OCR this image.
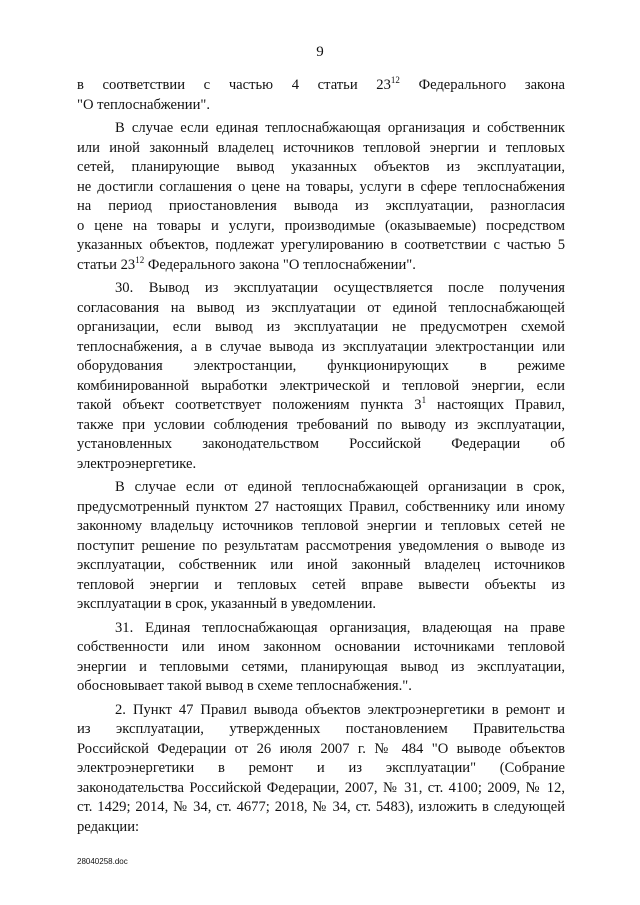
9

в соответствии с частью 4 статьи $23^{12}$ Федерального закона
"О теплоснабжении".

В случае если единая теплоснабжающая организация и собственник
или иной законный владелец источников тепловой энергии и тепловых
сетей, планирующие вывод указанных объектов из эксплуатации,
не достигли соглашения о цене на товары, услуги в сфере теплоснабжения
на период приостановления вывода из эксплуатации, разногласия
о цене на товары и услуги, производимые (оказываемые) посредством
указанных объектов, подлежат урегулированию в соответствии с частью 5
статьи $23^{12}$ Федерального закона "О теплоснабжении".

30. Вывод из эксплуатации осуществляется после получения
согласования на вывод из эксплуатации от единой теплоснабжающей
организации, если вывод из эксплуатации не предусмотрен схемой
теплоснабжения, а в случае вывода из эксплуатации электростанции или
оборудования электростанции, функционирующих в режиме
комбинированной выработки электрической и тепловой энергии, если
такой объект соответствует положениям пункта $3^1$ настоящих Правил,
также при условии соблюдения требований по выводу из эксплуатации,
установленных законодательством Российской Федерации об
электроэнергетике.

В случае если от единой теплоснабжающей организации в срок,
предусмотренный пунктом 27 настоящих Правил, собственнику или иному
законному владельцу источников тепловой энергии и тепловых сетей не
поступит решение по результатам рассмотрения уведомления о выводе из
эксплуатации, собственник или иной законный владелец источников
тепловой энергии и тепловых сетей вправе вывести объекты из
эксплуатации в срок, указанный в уведомлении.

31. Единая теплоснабжающая организация, владеющая на праве
собственности или ином законном основании источниками тепловой
энергии и тепловыми сетями, планирующая вывод из эксплуатации,
обосновывает такой вывод в схеме теплоснабжения.".

2. Пункт 47 Правил вывода объектов электроэнергетики в ремонт и
из эксплуатации, утвержденных постановлением Правительства
Российской Федерации от 26 июля 2007 г. № 484 "О выводе объектов
электроэнергетики в ремонт и из эксплуатации" (Собрание
законодательства Российской Федерации, 2007, № 31, ст. 4100; 2009, № 12,
ст. 1429; 2014, № 34, ст. 4677; 2018, № 34, ст. 5483), изложить в следующей
редакции:

28040258.doc
